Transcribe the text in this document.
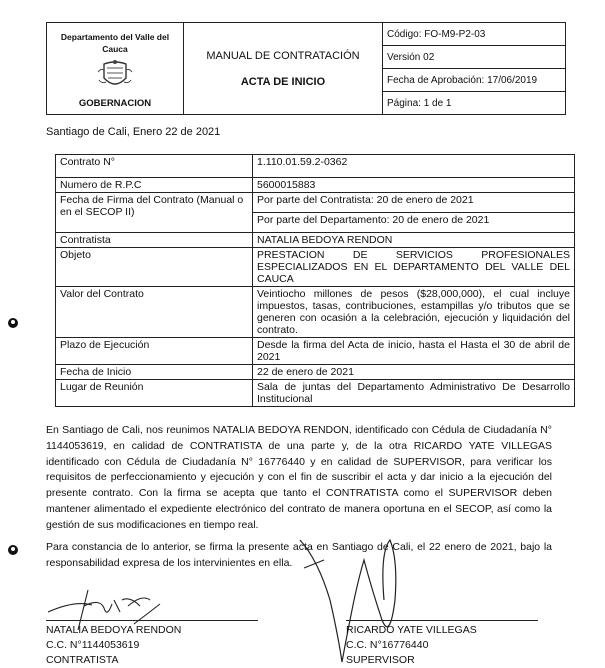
Departamento del Valle del
Cauca
GOBERNACION

MANUAL DE CONTRATACIÓN
ACTA DE INICIO
	Código: FO-M9-P2-03
Versión 02
Fecha de Aprobación: 17/06/2019
Página: 1 de 1
Santiago de Cali, Enero 22 de 2021
Contrato N°	1.110.01.59.2-0362
Numero de R.P.C	5600015883
Fecha de Firma del Contrato (Manual o en el SECOP II)	Por parte del Contratista: 20 de enero de 2021
	Por parte del Departamento: 20 de enero de 2021
Contratista	NATALIA BEDOYA RENDON
Objeto	PRESTACION DE SERVICIOS PROFESIONALES ESPECIALIZADOS EN EL DEPARTAMENTO DEL VALLE DEL CAUCA
Valor del Contrato	Veintiocho millones de pesos ($28,000,000), el cual incluye impuestos, tasas, contribuciones, estampillas y/o tributos que se generen con ocasión a la celebración, ejecución y liquidación del contrato.
Plazo de Ejecución	Desde la firma del Acta de inicio, hasta el Hasta el 30 de abril de 2021
Fecha de Inicio	22 de enero de 2021
Lugar de Reunión	Sala de juntas del Departamento Administrativo De Desarrollo Institucional

En Santiago de Cali, nos reunimos NATALIA BEDOYA RENDON, identificado con Cédula de Ciudadanía N° 1144053619, en calidad de CONTRATISTA de una parte y, de la otra RICARDO YATE VILLEGAS identificado con Cédula de Ciudadanía N° 16776440 y en calidad de SUPERVISOR, para verificar los requisitos de perfeccionamiento y ejecución y con el fin de suscribir el acta y dar inicio a la ejecución del presente contrato. Con la firma se acepta que tanto el CONTRATISTA como el SUPERVISOR deben mantener alimentado el expediente electrónico del contrato de manera oportuna en el SECOP, así como la gestión de sus modificaciones en tiempo real.

Para constancia de lo anterior, se firma la presente acta en Santiago de Cali, el 22 enero de 2021, bajo la responsabilidad expresa de los intervinientes en ella.

NATALIA BEDOYA RENDON
C.C. N°1144053619
CONTRATISTA
RICARDO YATE VILLEGAS
C.C. N°16776440
SUPERVISOR
